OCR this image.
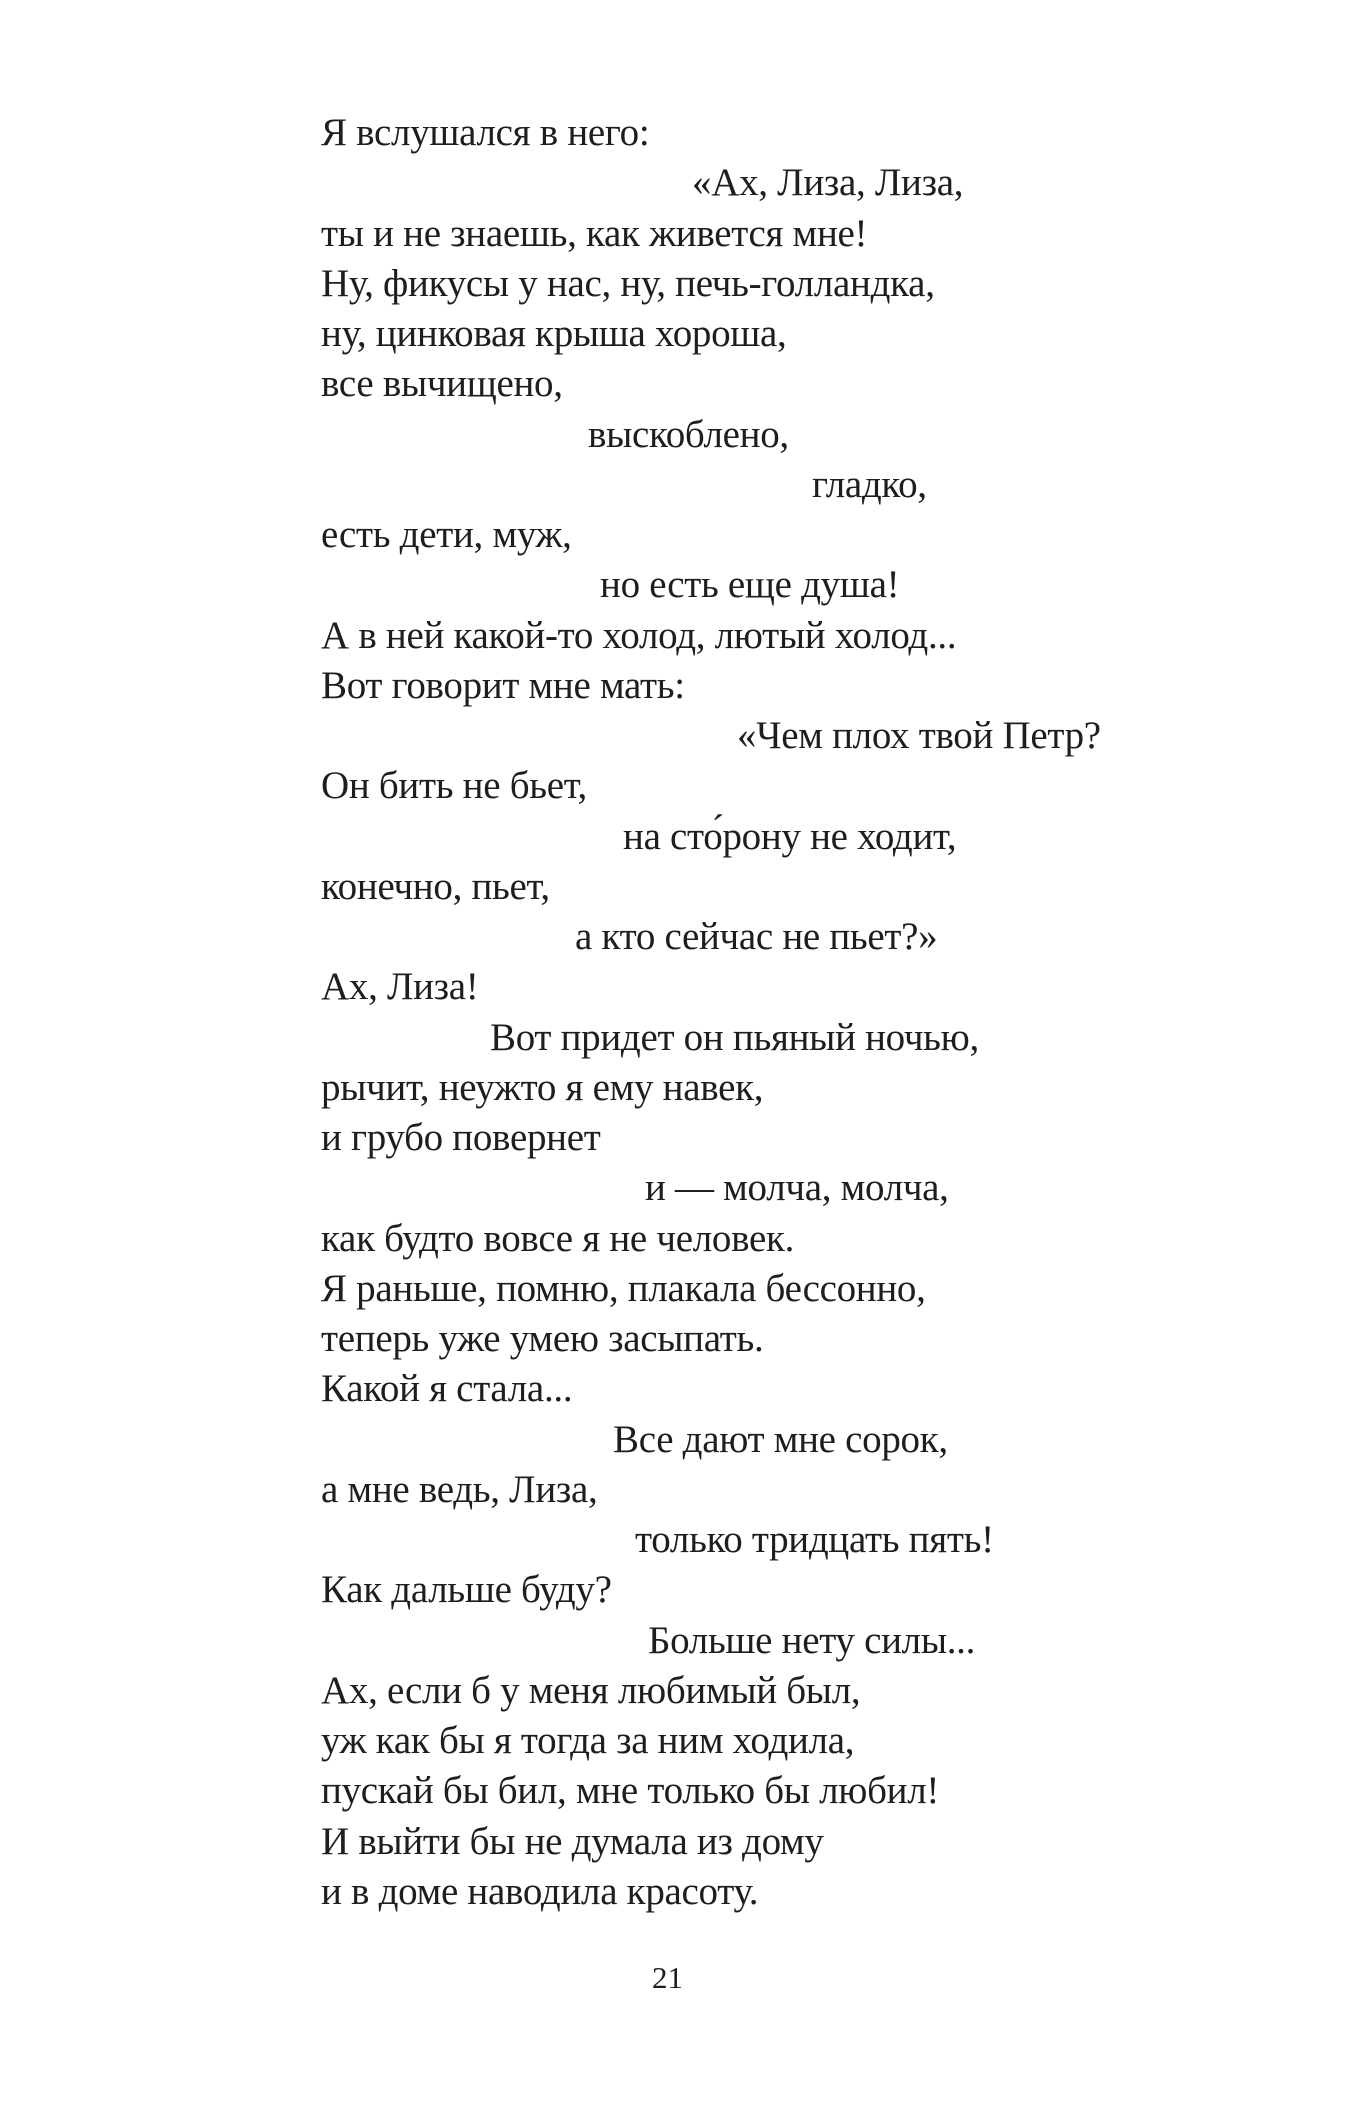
Я вслушался в него:
«Ах, Лиза, Лиза,
ты и не знаешь, как живется мне!
Ну, фикусы у нас, ну, печь-голландка,
ну, цинковая крыша хороша,
все вычищено,
выскоблено,
гладко,
есть дети, муж,
но есть еще душа!
А в ней какой-то холод, лютый холод...
Вот говорит мне мать:
«Чем плох твой Петр?
Он бить не бьет,
на сто́рону не ходит,
конечно, пьет,
а кто сейчас не пьет?»
Ах, Лиза!
Вот придет он пьяный ночью,
рычит, неужто я ему навек,
и грубо повернет
и — молча, молча,
как будто вовсе я не человек.
Я раньше, помню, плакала бессонно,
теперь уже умею засыпать.
Какой я стала...
Все дают мне сорок,
а мне ведь, Лиза,
только тридцать пять!
Как дальше буду?
Больше нету силы...
Ах, если б у меня любимый был,
уж как бы я тогда за ним ходила,
пускай бы бил, мне только бы любил!
И выйти бы не думала из дому
и в доме наводила красоту.
21
